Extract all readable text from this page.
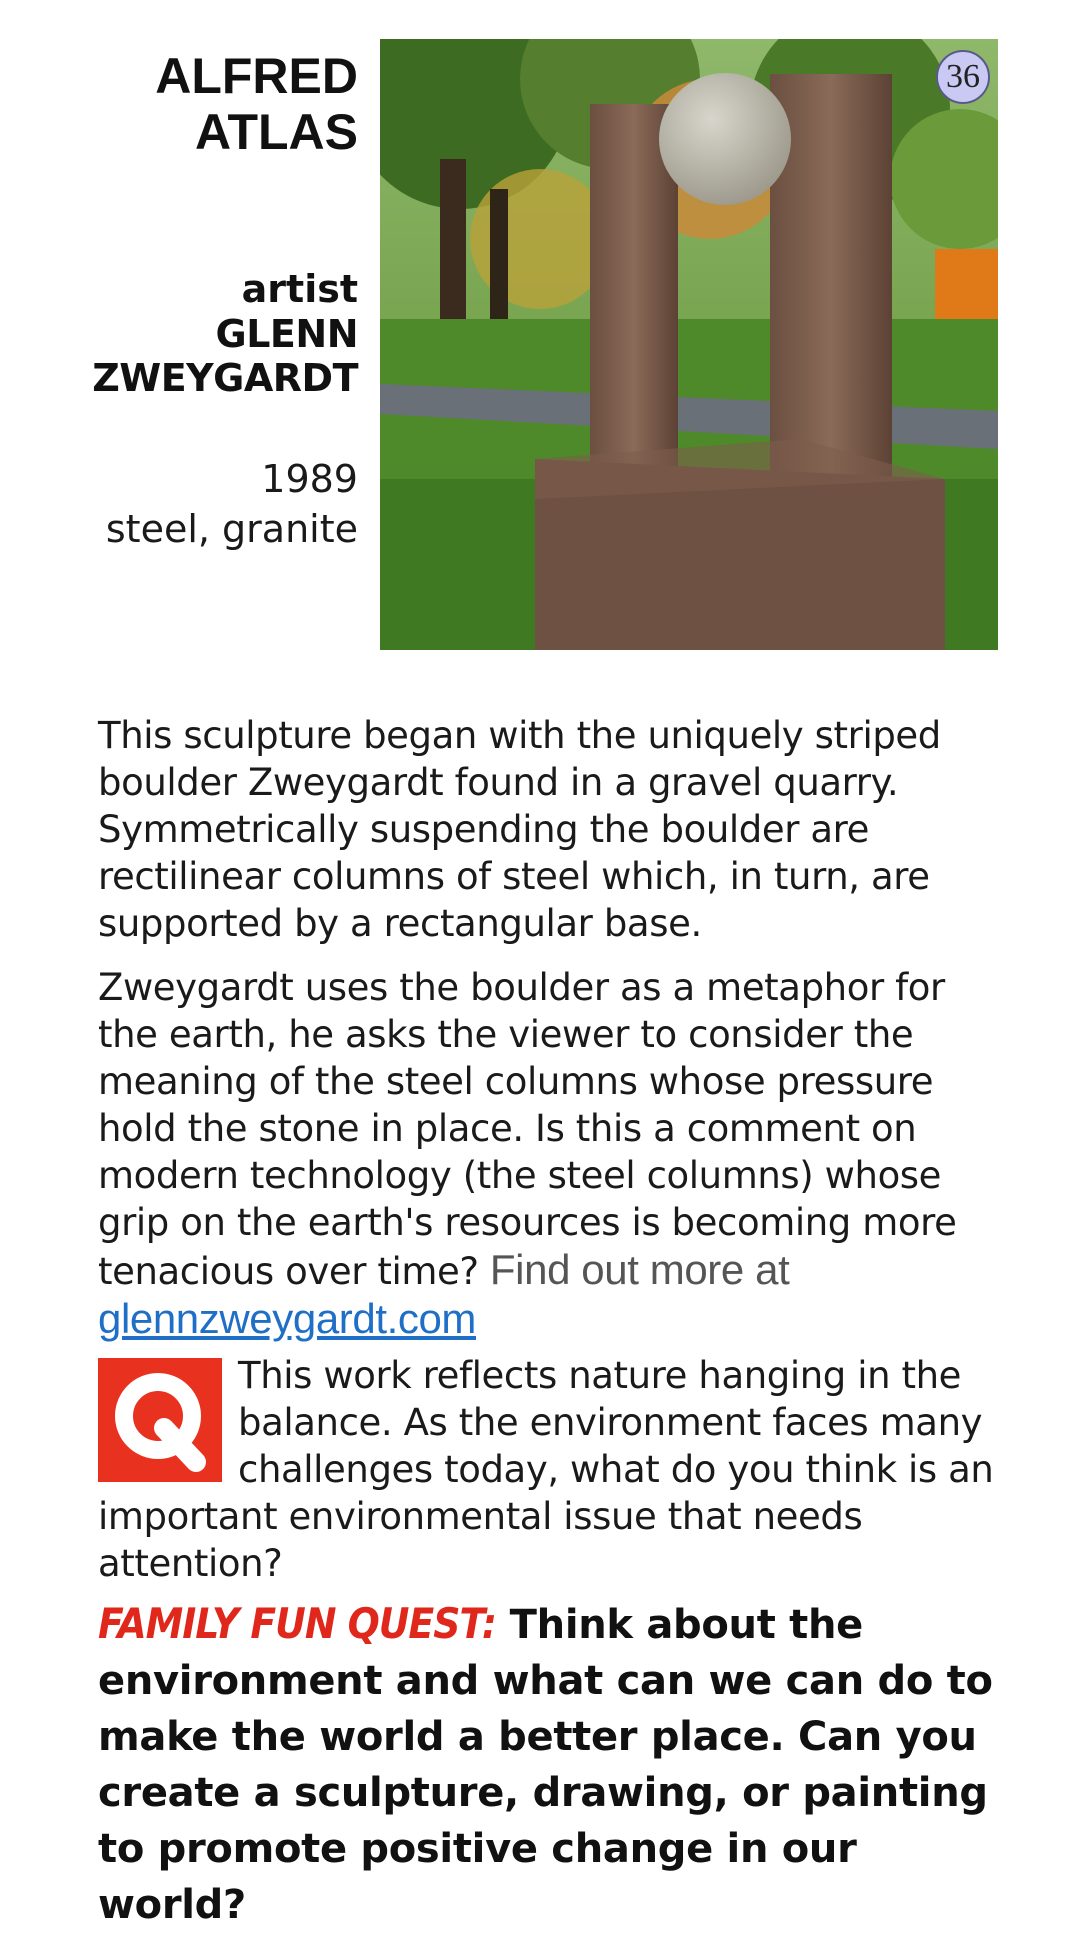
ALFRED
ATLAS
artist
GLENN
ZWEYGARDT
1989
steel, granite
36

This sculpture began with the uniquely striped boulder Zweygardt found in a gravel quarry. Symmetrically suspending the boulder are rectilinear columns of steel which, in turn, are supported by a rectangular base.

Zweygardt uses the boulder as a metaphor for the earth, he asks the viewer to consider the meaning of the steel columns whose pressure hold the stone in place. Is this a comment on modern technology (the steel columns) whose grip on the earth's resources is becoming more tenacious over time? Find out more at glennzweygardt.com

This work reflects nature hanging in the balance. As the environment faces many challenges today, what do you think is an important environmental issue that needs attention?

FAMILY FUN QUEST: Think about the environment and what can we can do to make the world a better place. Can you create a sculpture, drawing, or painting to promote positive change in our world?
